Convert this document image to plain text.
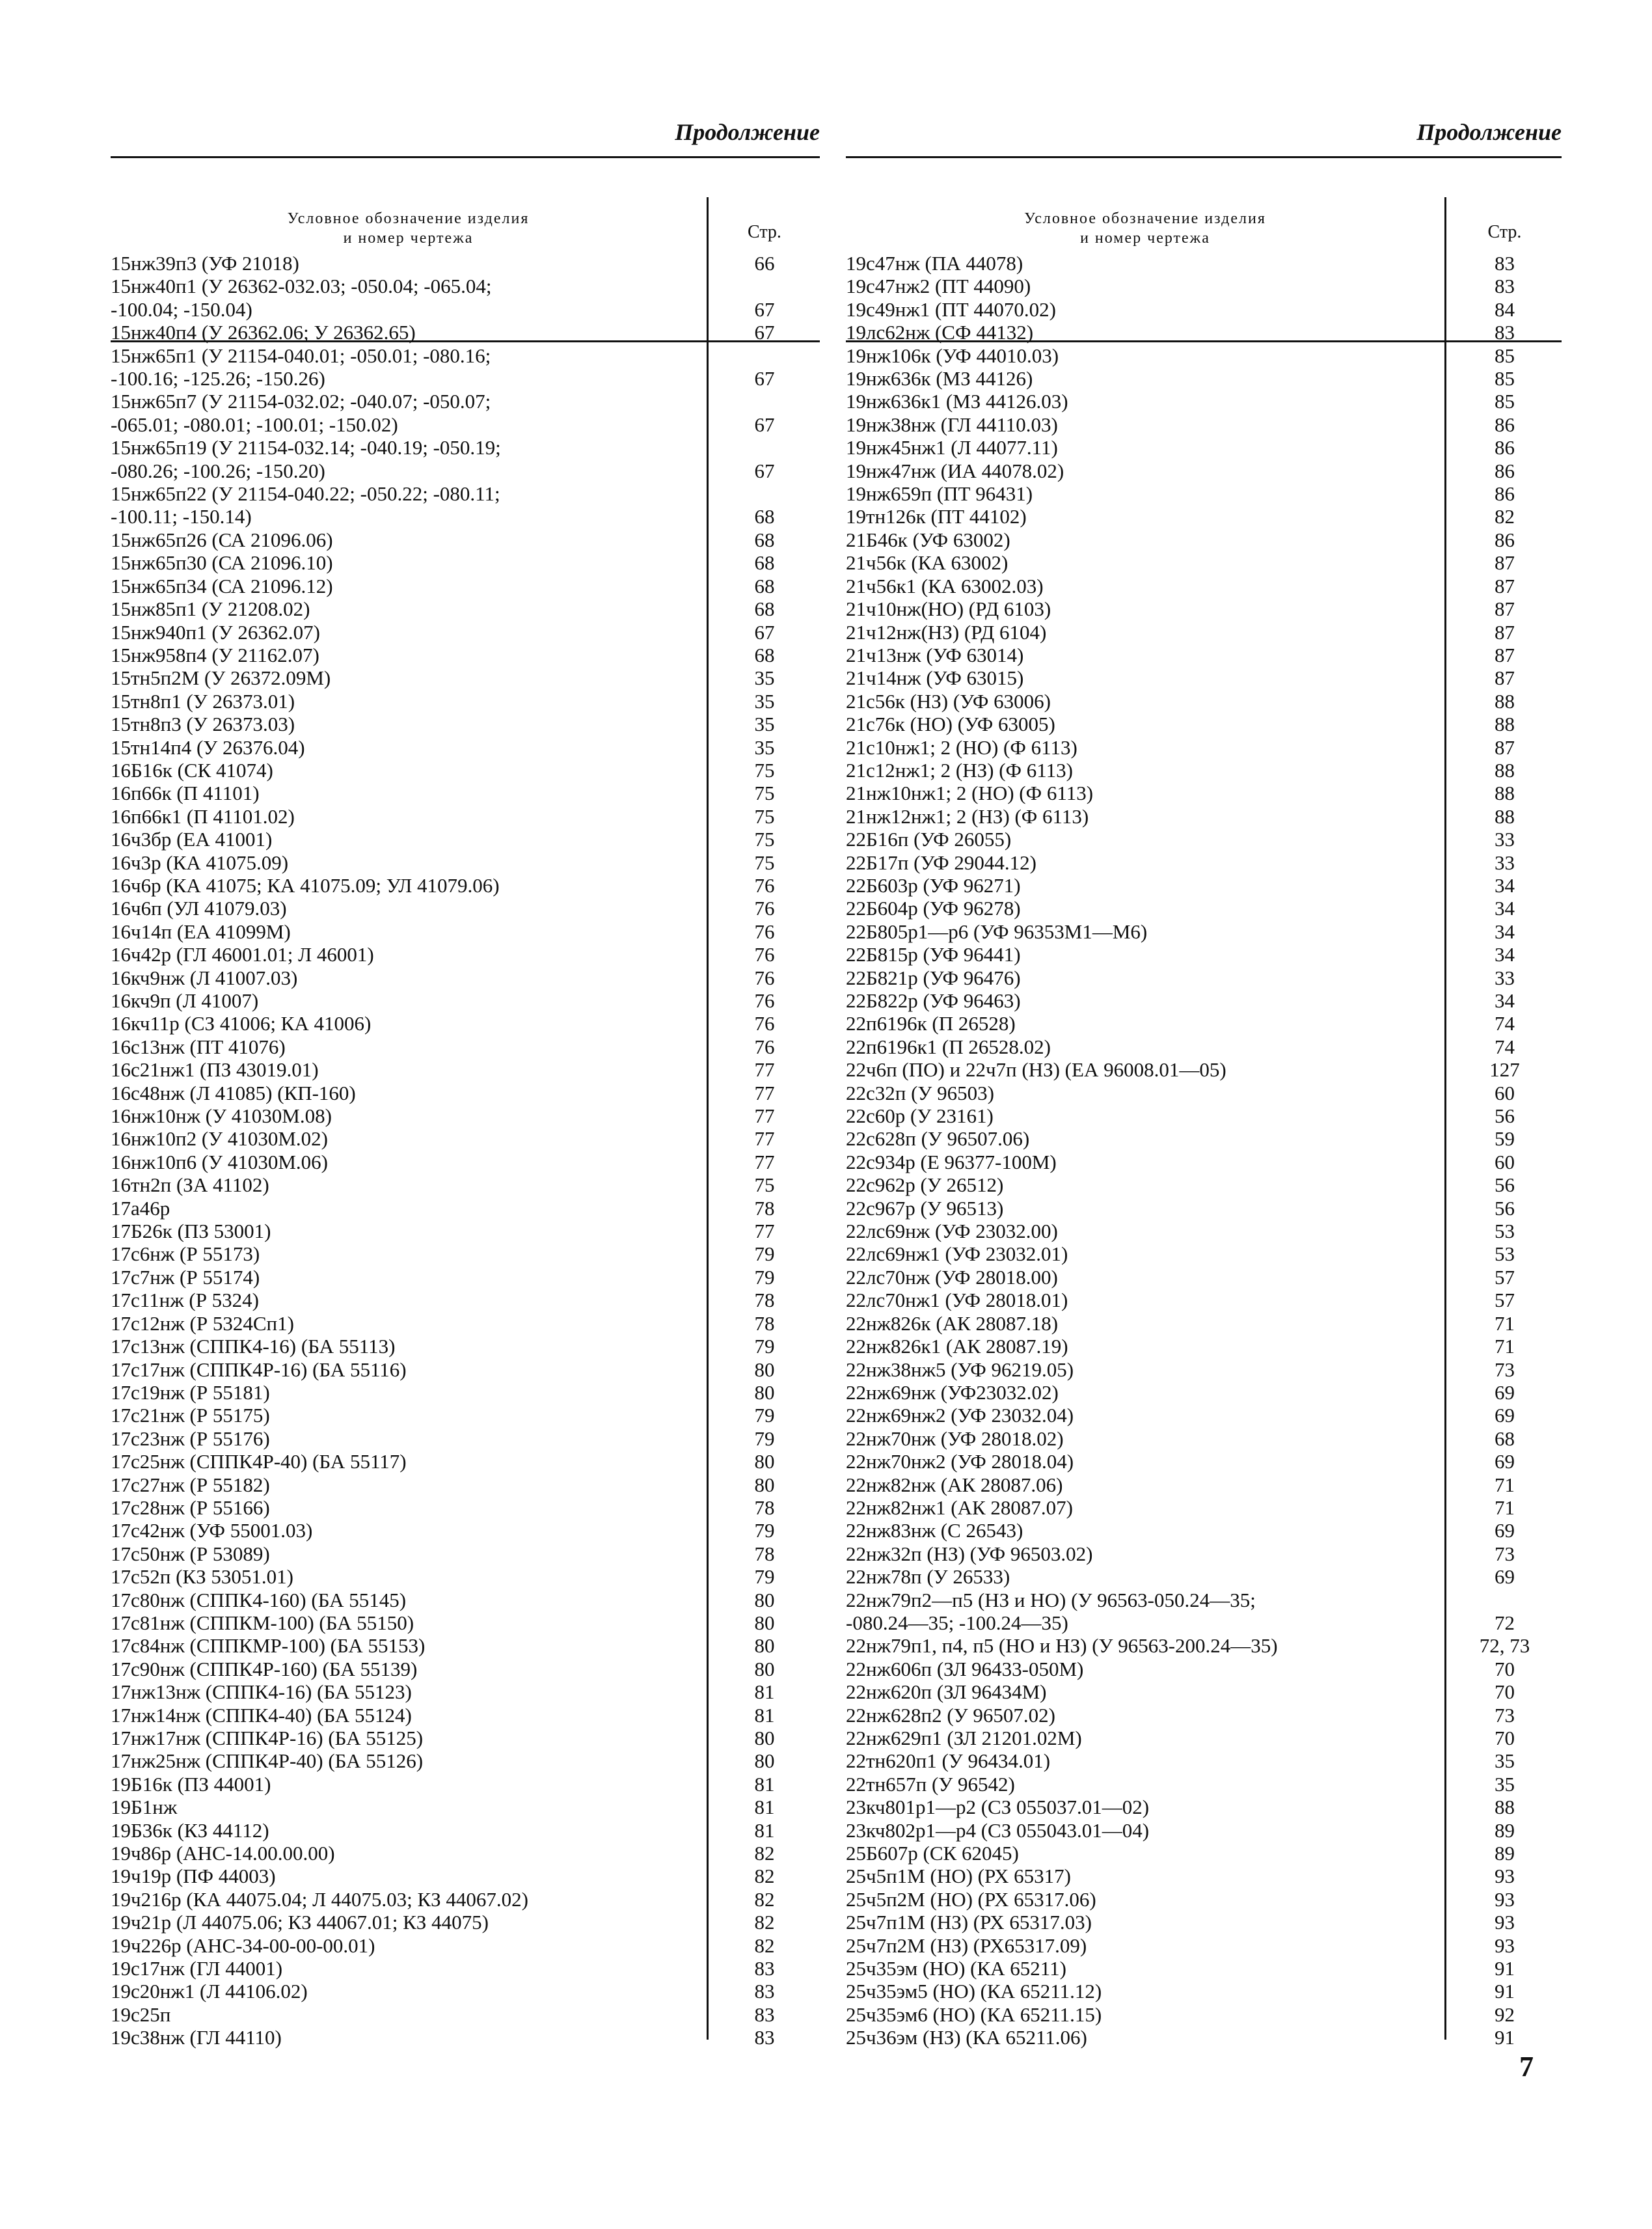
Продолжение
Условное обозначение изделия
и номер чертежа	Стр.
15нж39п3 (УФ 21018)	66
15нж40п1 (У 26362-032.03; -050.04; -065.04;
-100.04; -150.04)	67
15нж40п4 (У 26362.06; У 26362.65)	67
15нж65п1 (У 21154-040.01; -050.01; -080.16;
-100.16; -125.26; -150.26)	67
15нж65п7 (У 21154-032.02; -040.07; -050.07;
-065.01; -080.01; -100.01; -150.02)	67
15нж65п19 (У 21154-032.14; -040.19; -050.19;
-080.26; -100.26; -150.20)	67
15нж65п22 (У 21154-040.22; -050.22; -080.11;
-100.11; -150.14)	68
15нж65п26 (СА 21096.06)	68
15нж65п30 (СА 21096.10)	68
15нж65п34 (СА 21096.12)	68
15нж85п1 (У 21208.02)	68
15нж940п1 (У 26362.07)	67
15нж958п4 (У 21162.07)	68
15тн5п2М (У 26372.09М)	35
15тн8п1 (У 26373.01)	35
15тн8п3 (У 26373.03)	35
15тн14п4 (У 26376.04)	35
16Б16к (СК 41074)	75
16п66к (П 41101)	75
16п66к1 (П 41101.02)	75
16ч3бр (ЕА 41001)	75
16ч3р (КА 41075.09)	75
16ч6р (КА 41075; КА 41075.09; УЛ 41079.06)	76
16ч6п (УЛ 41079.03)	76
16ч14п (ЕА 41099М)	76
16ч42р (ГЛ 46001.01; Л 46001)	76
16кч9нж (Л 41007.03)	76
16кч9п (Л 41007)	76
16кч11р (СЗ 41006; КА 41006)	76
16с13нж (ПТ 41076)	76
16с21нж1 (ПЗ 43019.01)	77
16с48нж (Л 41085) (КП-160)	77
16нж10нж (У 41030М.08)	77
16нж10п2 (У 41030М.02)	77
16нж10п6 (У 41030М.06)	77
16тн2п (ЗА 41102)	75
17а46р	78
17Б26к (ПЗ 53001)	77
17с6нж (Р 55173)	79
17с7нж (Р 55174)	79
17с11нж (Р 5324)	78
17с12нж (Р 5324Сп1)	78
17с13нж (СППК4-16) (БА 55113)	79
17с17нж (СППК4Р-16) (БА 55116)	80
17с19нж (Р 55181)	80
17с21нж (Р 55175)	79
17с23нж (Р 55176)	79
17с25нж (СППК4Р-40) (БА 55117)	80
17с27нж (Р 55182)	80
17с28нж (Р 55166)	78
17с42нж (УФ 55001.03)	79
17с50нж (Р 53089)	78
17с52п (КЗ 53051.01)	79
17с80нж (СППК4-160) (БА 55145)	80
17с81нж (СППКМ-100) (БА 55150)	80
17с84нж (СППКМР-100) (БА 55153)	80
17с90нж (СППК4Р-160) (БА 55139)	80
17нж13нж (СППК4-16) (БА 55123)	81
17нж14нж (СППК4-40) (БА 55124)	81
17нж17нж (СППК4Р-16) (БА 55125)	80
17нж25нж (СППК4Р-40) (БА 55126)	80
19Б16к (ПЗ 44001)	81
19Б1нж	81
19Б36к (КЗ 44112)	81
19ч86р (АНС-14.00.00.00)	82
19ч19р (ПФ 44003)	82
19ч216р (КА 44075.04; Л 44075.03; КЗ 44067.02)	82
19ч21р (Л 44075.06; КЗ 44067.01; КЗ 44075)	82
19ч226р (АНС-34-00-00-00.01)	82
19с17нж (ГЛ 44001)	83
19с20нж1 (Л 44106.02)	83
19с25п	83
19с38нж (ГЛ 44110)	83
Продолжение
Условное обозначение изделия
и номер чертежа	Стр.
19с47нж (ПА 44078)	83
19с47нж2 (ПТ 44090)	83
19с49нж1 (ПТ 44070.02)	84
19лс62нж (СФ 44132)	83
19нж106к (УФ 44010.03)	85
19нж636к (МЗ 44126)	85
19нж636к1 (МЗ 44126.03)	85
19нж38нж (ГЛ 44110.03)	86
19нж45нж1 (Л 44077.11)	86
19нж47нж (ИА 44078.02)	86
19нж659п (ПТ 96431)	86
19тн126к (ПТ 44102)	82
21Б46к (УФ 63002)	86
21ч56к (КА 63002)	87
21ч56к1 (КА 63002.03)	87
21ч10нж(НО) (РД 6103)	87
21ч12нж(НЗ) (РД 6104)	87
21ч13нж (УФ 63014)	87
21ч14нж (УФ 63015)	87
21с56к (НЗ) (УФ 63006)	88
21с76к (НО) (УФ 63005)	88
21с10нж1; 2 (НО) (Ф 6113)	87
21с12нж1; 2 (НЗ) (Ф 6113)	88
21нж10нж1; 2 (НО) (Ф 6113)	88
21нж12нж1; 2 (НЗ) (Ф 6113)	88
22Б16п (УФ 26055)	33
22Б17п (УФ 29044.12)	33
22Б603р (УФ 96271)	34
22Б604р (УФ 96278)	34
22Б805р1—р6 (УФ 96353М1—М6)	34
22Б815р (УФ 96441)	34
22Б821р (УФ 96476)	33
22Б822р (УФ 96463)	34
22п6196к (П 26528)	74
22п6196к1 (П 26528.02)	74
22ч6п (ПО) и 22ч7п (НЗ) (ЕА 96008.01—05)	127
22с32п (У 96503)	60
22с60р (У 23161)	56
22с628п (У 96507.06)	59
22с934р (Е 96377-100М)	60
22с962р (У 26512)	56
22с967р (У 96513)	56
22лс69нж (УФ 23032.00)	53
22лс69нж1 (УФ 23032.01)	53
22лс70нж (УФ 28018.00)	57
22лс70нж1 (УФ 28018.01)	57
22нж826к (АК 28087.18)	71
22нж826к1 (АК 28087.19)	71
22нж38нж5 (УФ 96219.05)	73
22нж69нж (УФ23032.02)	69
22нж69нж2 (УФ 23032.04)	69
22нж70нж (УФ 28018.02)	68
22нж70нж2 (УФ 28018.04)	69
22нж82нж (АК 28087.06)	71
22нж82нж1 (АК 28087.07)	71
22нж83нж (С 26543)	69
22нж32п (НЗ) (УФ 96503.02)	73
22нж78п (У 26533)	69
22нж79п2—п5 (НЗ и НО) (У 96563-050.24—35;
-080.24—35; -100.24—35)	72
22нж79п1, п4, п5 (НО и НЗ) (У 96563-200.24—35)	72, 73
22нж606п (ЗЛ 96433-050М)	70
22нж620п (ЗЛ 96434М)	70
22нж628п2 (У 96507.02)	73
22нж629п1 (ЗЛ 21201.02М)	70
22тн620п1 (У 96434.01)	35
22тн657п (У 96542)	35
23кч801р1—р2 (СЗ 055037.01—02)	88
23кч802р1—р4 (СЗ 055043.01—04)	89
25Б607р (СК 62045)	89
25ч5п1М (НО) (РХ 65317)	93
25ч5п2М (НО) (РХ 65317.06)	93
25ч7п1М (НЗ) (РХ 65317.03)	93
25ч7п2М (НЗ) (РХ65317.09)	93
25ч35эм (НО) (КА 65211)	91
25ч35эм5 (НО) (КА 65211.12)	91
25ч35эм6 (НО) (КА 65211.15)	92
25ч36эм (НЗ) (КА 65211.06)	91
7
